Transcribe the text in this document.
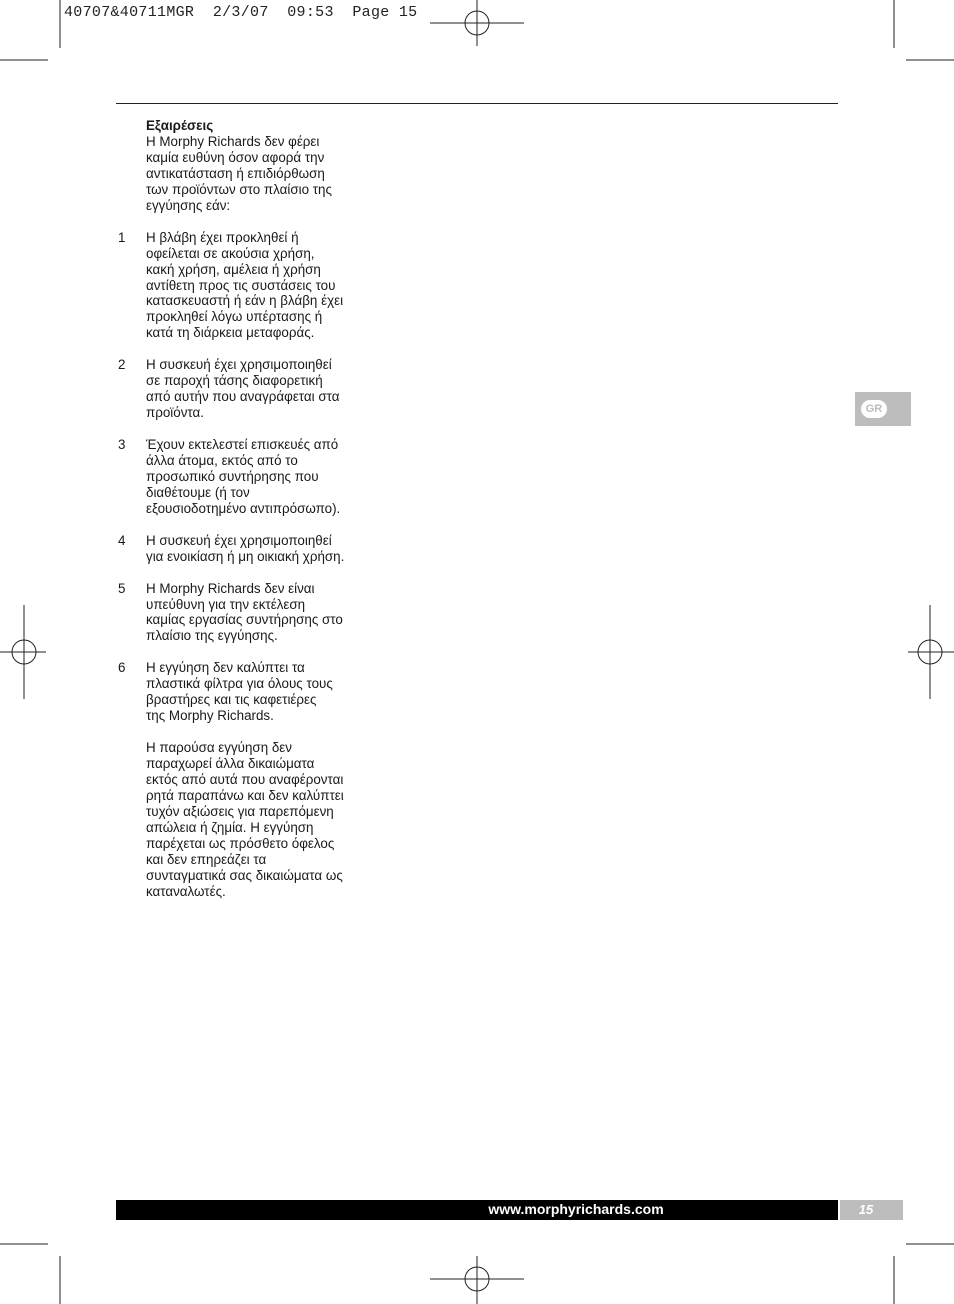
40707&40711MGR  2/3/07  09:53  Page 15
Εξαιρέσεις
Η Morphy Richards δεν φέρει
καμία ευθύνη όσον αφορά την
αντικατάσταση ή επιδιόρθωση
των προϊόντων στο πλαίσιο της
εγγύησης εάν:
1	Η βλάβη έχει προκληθεί ή
οφείλεται σε ακούσια χρήση,
κακή χρήση, αμέλεια ή χρήση
αντίθετη προς τις συστάσεις του
κατασκευαστή ή εάν η βλάβη έχει
προκληθεί λόγω υπέρτασης ή
κατά τη διάρκεια μεταφοράς.
2	Η συσκευή έχει χρησιμοποιηθεί
σε παροχή τάσης διαφορετική
από αυτήν που αναγράφεται στα
προϊόντα.
3	Έχουν εκτελεστεί επισκευές από
άλλα άτομα, εκτός από το
προσωπικό συντήρησης που
διαθέτουμε (ή τον
εξουσιοδοτημένο αντιπρόσωπο).
4	Η συσκευή έχει χρησιμοποιηθεί
για ενοικίαση ή μη οικιακή χρήση.
5	Η Morphy Richards δεν είναι
υπεύθυνη για την εκτέλεση
καμίας εργασίας συντήρησης στο
πλαίσιο της εγγύησης.
6	Η εγγύηση δεν καλύπτει τα
πλαστικά φίλτρα για όλους τους
βραστήρες και τις καφετιέρες
της Morphy Richards.
Η παρούσα εγγύηση δεν
παραχωρεί άλλα δικαιώματα
εκτός από αυτά που αναφέρονται
ρητά παραπάνω και δεν καλύπτει
τυχόν αξιώσεις για παρεπόμενη
απώλεια ή ζημία. Η εγγύηση
παρέχεται ως πρόσθετο όφελος
και δεν επηρεάζει τα
συνταγματικά σας δικαιώματα ως
καταναλωτές.
GR
www.morphyrichards.com	15
